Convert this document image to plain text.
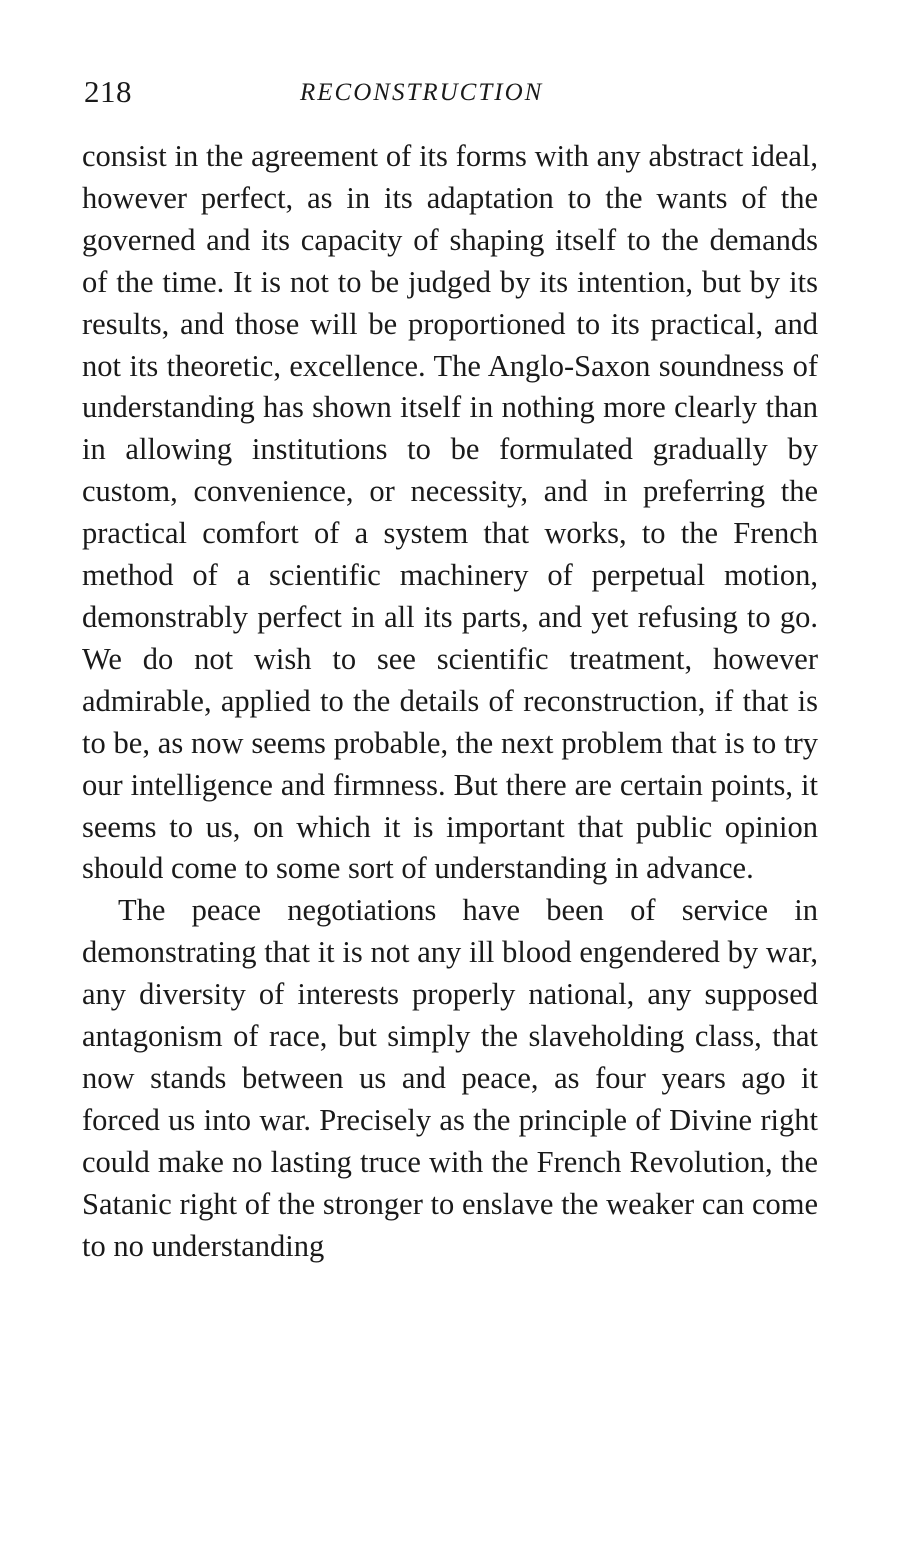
218	RECONSTRUCTION

consist in the agreement of its forms with any abstract ideal, however perfect, as in its adaptation to the wants of the governed and its capacity of shaping itself to the demands of the time. It is not to be judged by its intention, but by its results, and those will be proportioned to its practical, and not its theoretic, excellence. The Anglo-Saxon soundness of understanding has shown itself in nothing more clearly than in allowing institutions to be formulated gradually by custom, convenience, or necessity, and in preferring the practical comfort of a system that works, to the French method of a scientific machinery of perpetual motion, demonstrably perfect in all its parts, and yet refusing to go. We do not wish to see scientific treatment, however admirable, applied to the details of reconstruction, if that is to be, as now seems probable, the next problem that is to try our intelligence and firmness. But there are certain points, it seems to us, on which it is important that public opinion should come to some sort of understanding in advance.

The peace negotiations have been of service in demonstrating that it is not any ill blood engendered by war, any diversity of interests properly national, any supposed antagonism of race, but simply the slaveholding class, that now stands between us and peace, as four years ago it forced us into war. Precisely as the principle of Divine right could make no lasting truce with the French Revolution, the Satanic right of the stronger to enslave the weaker can come to no understanding
